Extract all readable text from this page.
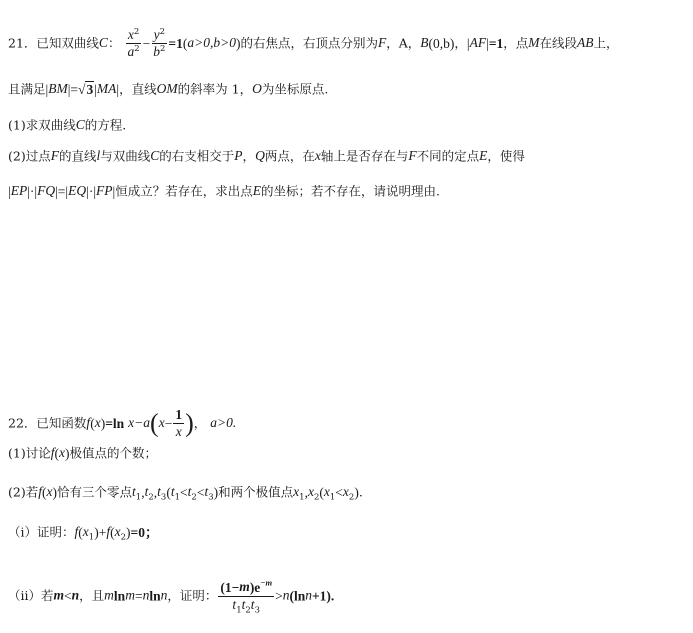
21．已知双曲线C： $\frac{x^2}{a^2} - \frac{y^2}{b^2} =1(a>0,b>0)$的右焦点，右顶点分别为F，A，B(0,b)，|AF|=1，点M在线段AB上，
且满足|BM|=√3|MA|，直线OM的斜率为 1，O为坐标原点.
(1)求双曲线C的方程.
(2)过点F的直线l与双曲线C的右支相交于P，Q两点，在x轴上是否存在与F不同的定点E，使得
|EP|·|FQ|=|EQ|·|FP|恒成立？若存在，求出点E的坐标；若不存在，请说明理由.
22．已知函数f(x)=ln $x-a(x- \frac{1}{x}$ )， a>0.
(1)讨论f(x)极值点的个数；
(2)若f(x)恰有三个零点$t_1,t_2,t_3(t_1<t_2<t_3)$和两个极值点$x_1,x_2(x_1<x_2)$.
（i）证明：$f(x_1)+f(x_2)=0$；
（ii）若m<n，且mlnm=nlnn，证明： $\frac{(1-m)e^{-m}}{t_1t_2t_3} >n(\ln n+1)$.
